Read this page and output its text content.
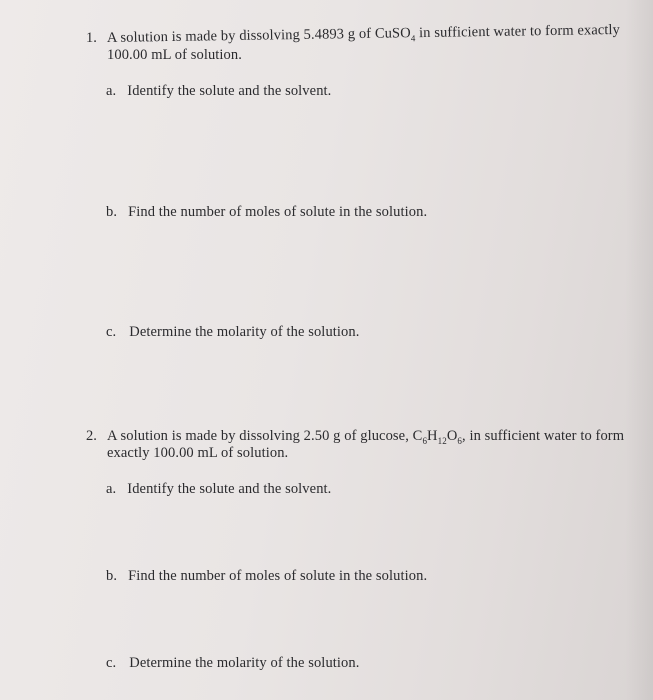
1. A solution is made by dissolving 5.4893 g of CuSO$_4$ in sufficient water to form exactly
100.00 mL of solution.
a. Identify the solute and the solvent.
b. Find the number of moles of solute in the solution.
c. Determine the molarity of the solution.
2. A solution is made by dissolving 2.50 g of glucose, $C_6H_{12}O_6$, in sufficient water to form
exactly 100.00 mL of solution.
a. Identify the solute and the solvent.
b. Find the number of moles of solute in the solution.
c. Determine the molarity of the solution.
